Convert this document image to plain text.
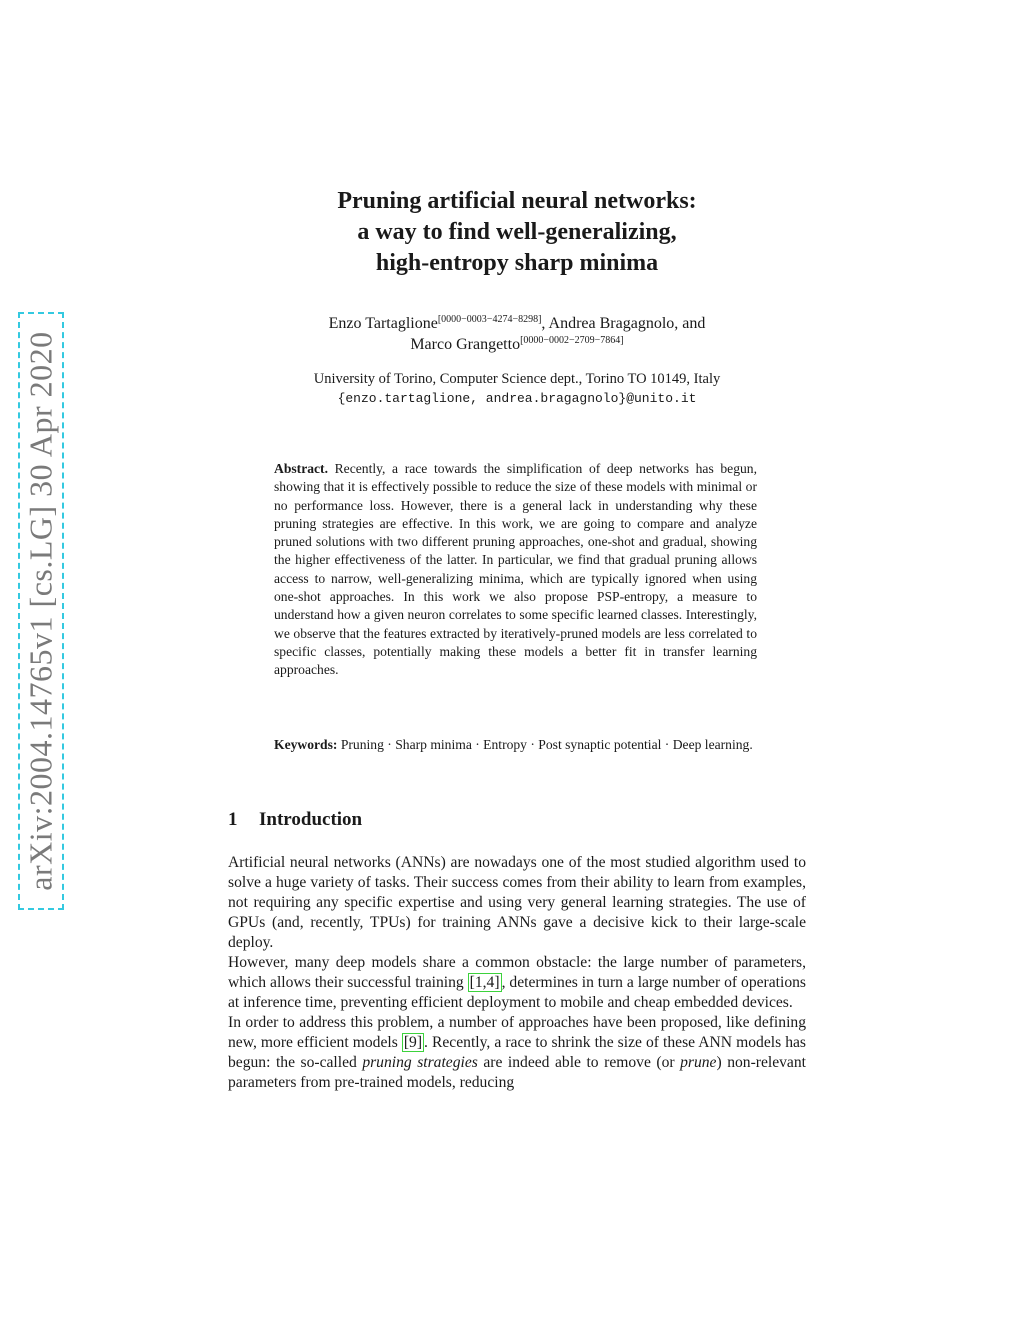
arXiv:2004.14765v1 [cs.LG] 30 Apr 2020
Pruning artificial neural networks:
a way to find well-generalizing,
high-entropy sharp minima
Enzo Tartaglione[0000−0003−4274−8298], Andrea Bragagnolo, and
Marco Grangetto[0000−0002−2709−7864]
University of Torino, Computer Science dept., Torino TO 10149, Italy
{enzo.tartaglione, andrea.bragagnolo}@unito.it
Abstract. Recently, a race towards the simplification of deep networks has begun, showing that it is effectively possible to reduce the size of these models with minimal or no performance loss. However, there is a general lack in understanding why these pruning strategies are effective. In this work, we are going to compare and analyze pruned solutions with two different pruning approaches, one-shot and gradual, showing the higher effectiveness of the latter. In particular, we find that gradual pruning allows access to narrow, well-generalizing minima, which are typically ignored when using one-shot approaches. In this work we also propose PSP-entropy, a measure to understand how a given neuron correlates to some specific learned classes. Interestingly, we observe that the features extracted by iteratively-pruned models are less correlated to specific classes, potentially making these models a better fit in transfer learning approaches.
Keywords: Pruning · Sharp minima · Entropy · Post synaptic potential · Deep learning.
1 Introduction

Artificial neural networks (ANNs) are nowadays one of the most studied algorithm used to solve a huge variety of tasks. Their success comes from their ability to learn from examples, not requiring any specific expertise and using very general learning strategies. The use of GPUs (and, recently, TPUs) for training ANNs gave a decisive kick to their large-scale deploy.

However, many deep models share a common obstacle: the large number of parameters, which allows their successful training [1,4] , determines in turn a large number of operations at inference time, preventing efficient deployment to mobile and cheap embedded devices.

In order to address this problem, a number of approaches have been proposed, like defining new, more efficient models [9] . Recently, a race to shrink the size of these ANN models has begun: the so-called pruning strategies are indeed able to remove (or prune) non-relevant parameters from pre-trained models, reducing
